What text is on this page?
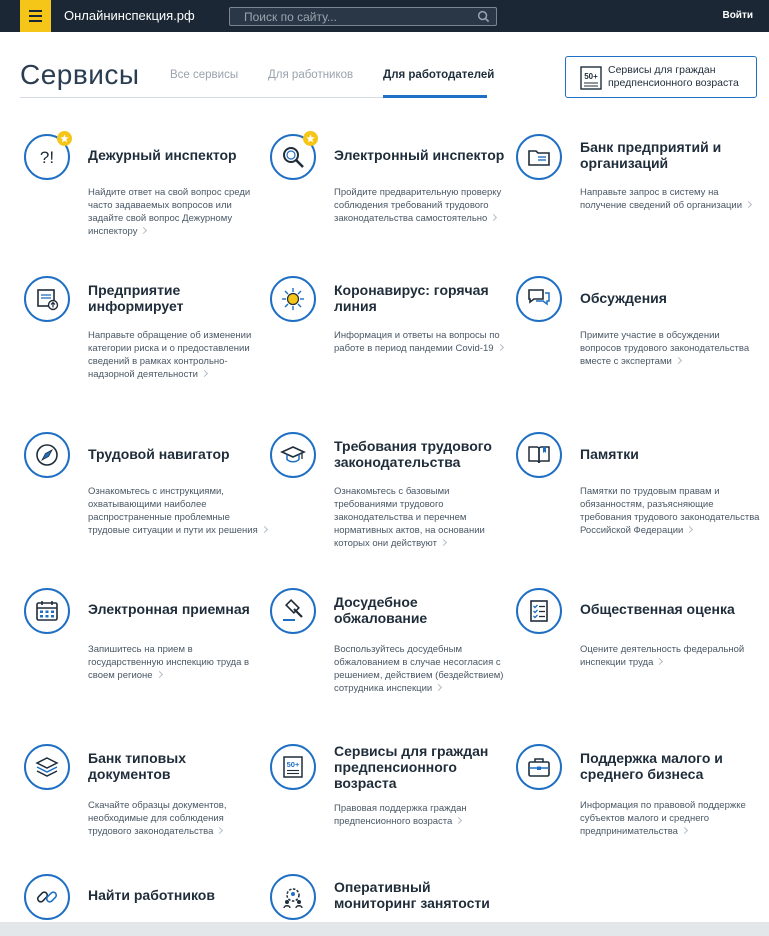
Онлайнинспекция.рф
Поиск по сайту...	Войти
Сервисы	Все сервисы	Для работников	Для работодателей	50+
Сервисы для граждан
предпенсионного возраста
?! Дежурный инспектор
Найдите ответ на свой вопрос среди часто задаваемых вопросов или задайте свой вопрос Дежурному инспектору
Электронный инспектор
Пройдите предварительную проверку соблюдения требований трудового законодательства самостоятельно
Банк предприятий и организаций
Направьте запрос в систему на получение сведений об организации
Предприятие информирует
Направьте обращение об изменении категории риска и о предоставлении сведений в рамках контрольно-надзорной деятельности
Коронавирус: горячая линия
Информация и ответы на вопросы по работе в период пандемии Covid-19
Обсуждения
Примите участие в обсуждении вопросов трудового законодательства вместе с экспертами
Трудовой навигатор
Ознакомьтесь с инструкциями, охватывающими наиболее распространенные проблемные трудовые ситуации и пути их решения
Требования трудового законодательства
Ознакомьтесь с базовыми требованиями трудового законодательства и перечнем нормативных актов, на основании которых они действуют
Памятки
Памятки по трудовым правам и обязанностям, разъясняющие требования трудового законодательства Российской Федерации
Электронная приемная
Запишитесь на прием в государственную инспекцию труда в своем регионе
Досудебное обжалование
Воспользуйтесь досудебным обжалованием в случае несогласия с решением, действием (бездействием) сотрудника инспекции
Общественная оценка
Оцените деятельность федеральной инспекции труда
Банк типовых документов
Скачайте образцы документов, необходимые для соблюдения трудового законодательства
50+
Сервисы для граждан предпенсионного возраста
Правовая поддержка граждан предпенсионного возраста
Поддержка малого и среднего бизнеса
Информация по правовой поддержке субъектов малого и среднего предпринимательства
Найти работников	Оперативный мониторинг занятости
